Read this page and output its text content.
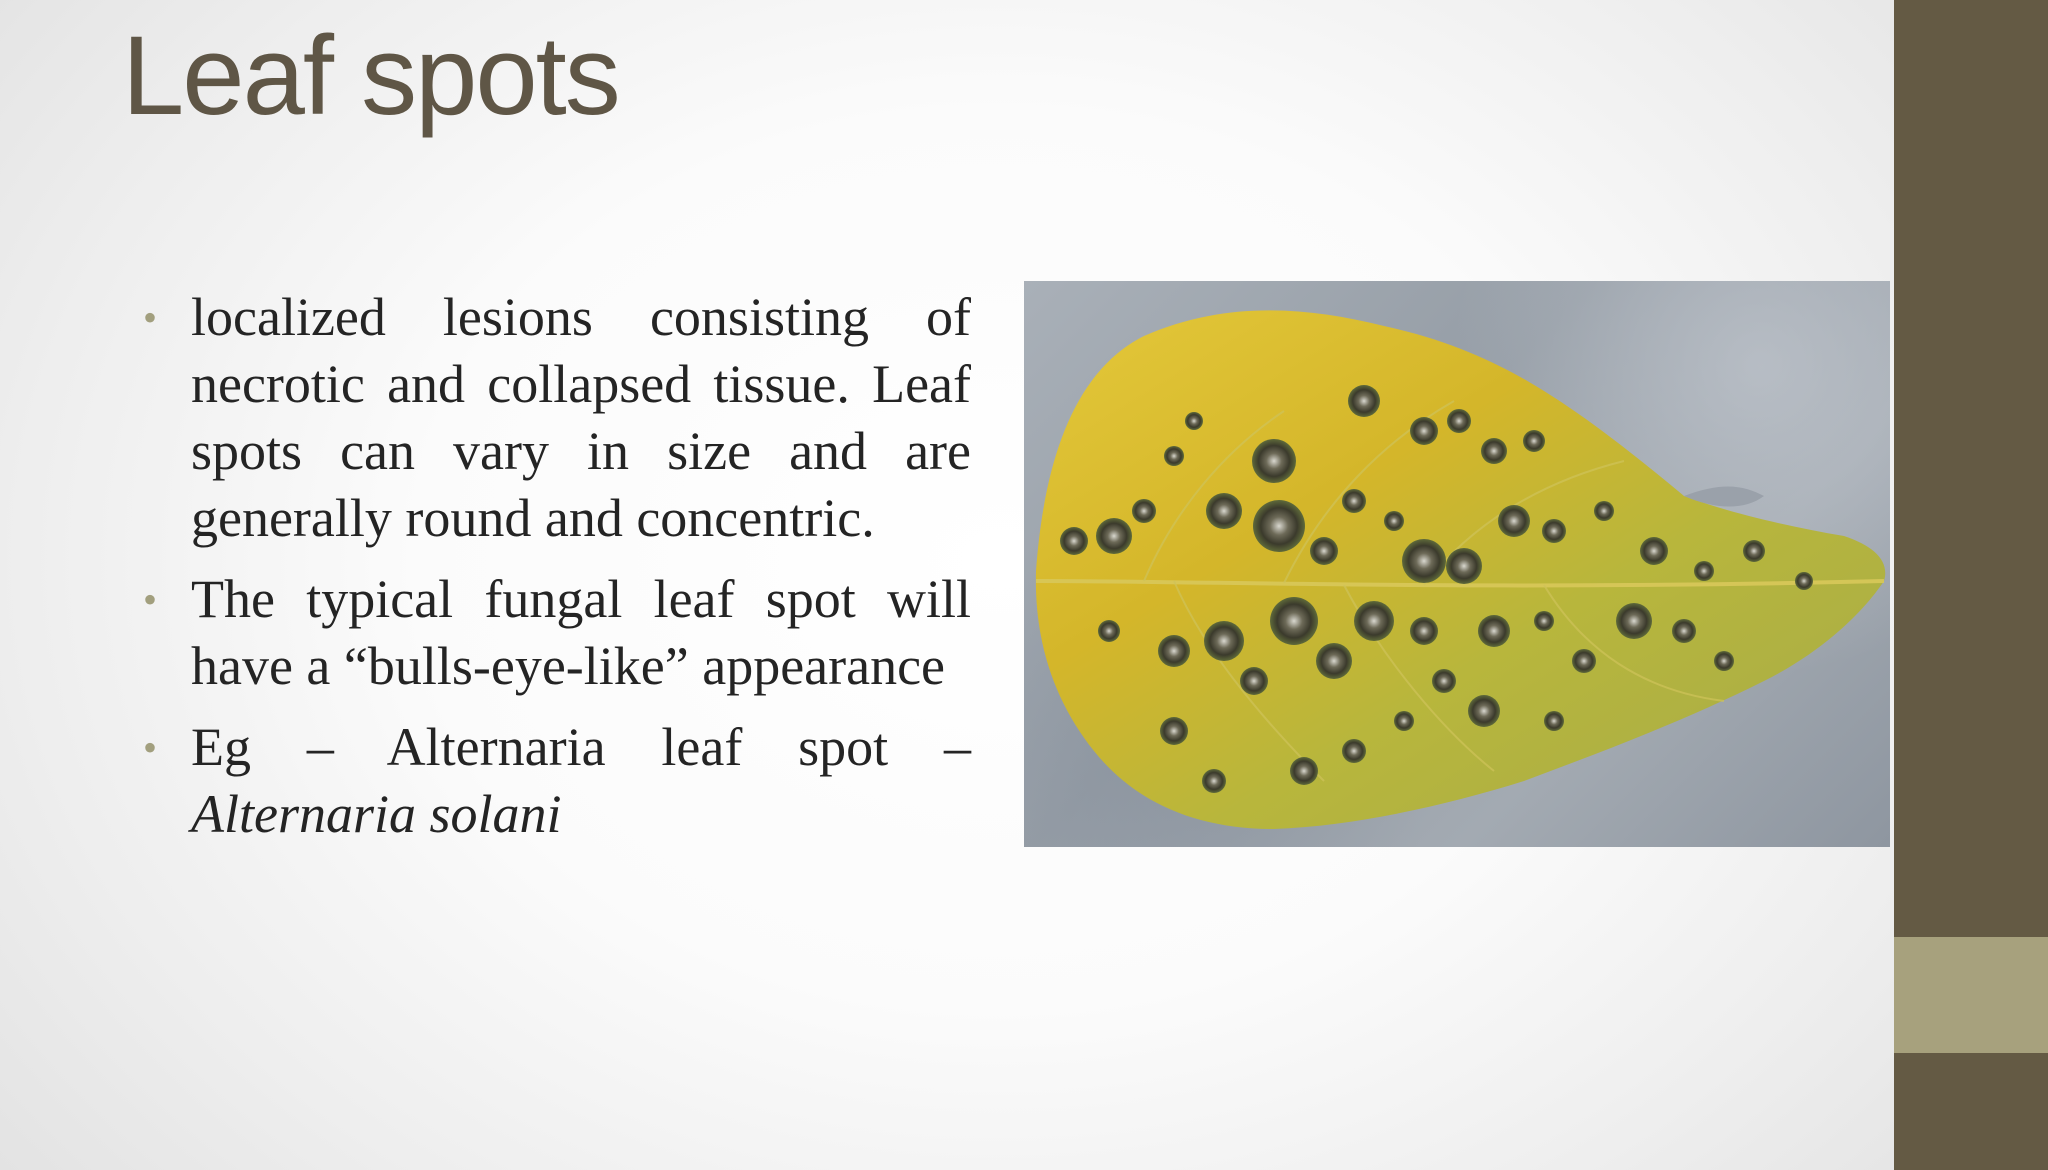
Leaf spots
• localized lesions consisting of necrotic and collapsed tissue. Leaf spots can vary in size and are generally round and concentric.
• The typical fungal leaf spot will have a “bulls-eye-like” appearance
• Eg – Alternaria leaf spot – Alternaria solani
